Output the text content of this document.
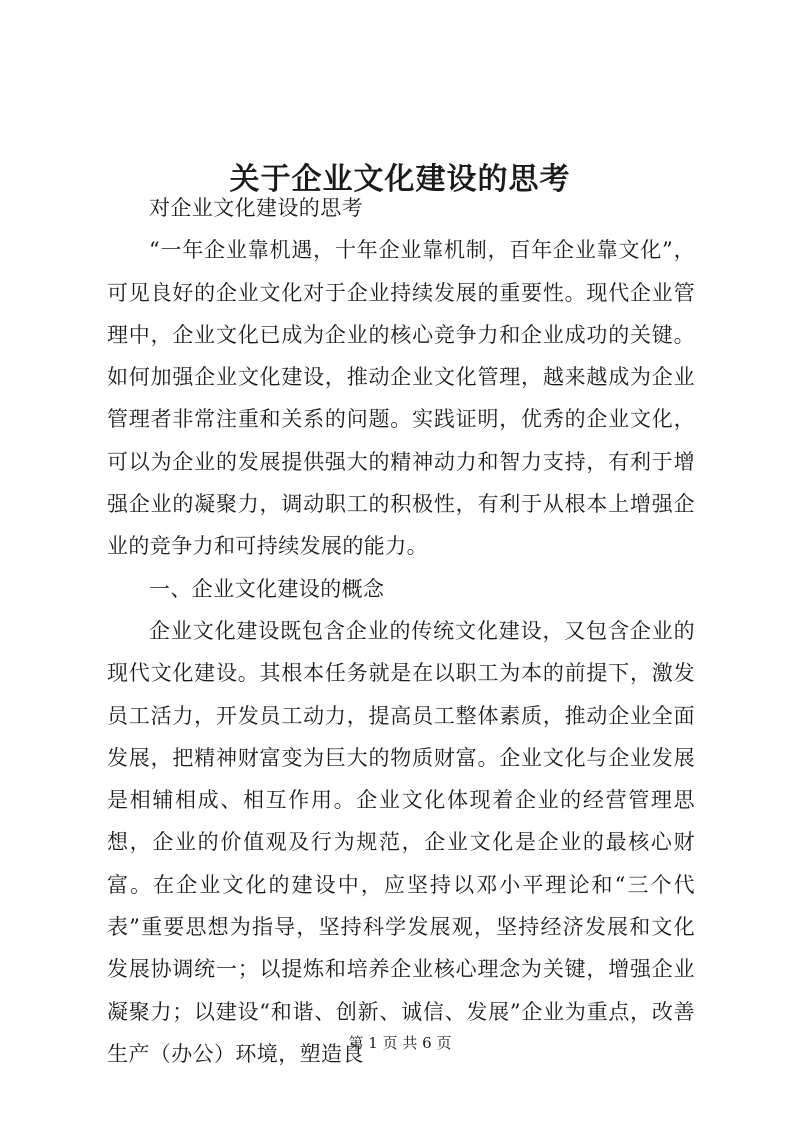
关于企业文化建设的思考

对企业文化建设的思考

“一年企业靠机遇，十年企业靠机制，百年企业靠文化”，可见良好的企业文化对于企业持续发展的重要性。现代企业管理中，企业文化已成为企业的核心竞争力和企业成功的关键。如何加强企业文化建设，推动企业文化管理，越来越成为企业管理者非常注重和关系的问题。实践证明，优秀的企业文化，可以为企业的发展提供强大的精神动力和智力支持，有利于增强企业的凝聚力，调动职工的积极性，有利于从根本上增强企业的竞争力和可持续发展的能力。

一、企业文化建设的概念

企业文化建设既包含企业的传统文化建设，又包含企业的现代文化建设。其根本任务就是在以职工为本的前提下，激发员工活力，开发员工动力，提高员工整体素质，推动企业全面发展，把精神财富变为巨大的物质财富。企业文化与企业发展是相辅相成、相互作用。企业文化体现着企业的经营管理思想，企业的价值观及行为规范，企业文化是企业的最核心财富。在企业文化的建设中，应坚持以邓小平理论和“三个代表”重要思想为指导，坚持科学发展观，坚持经济发展和文化发展协调统一；以提炼和培养企业核心理念为关键，增强企业凝聚力；以建设“和谐、创新、诚信、发展”企业为重点，改善生产（办公）环境，塑造良

第 1 页 共 6 页
